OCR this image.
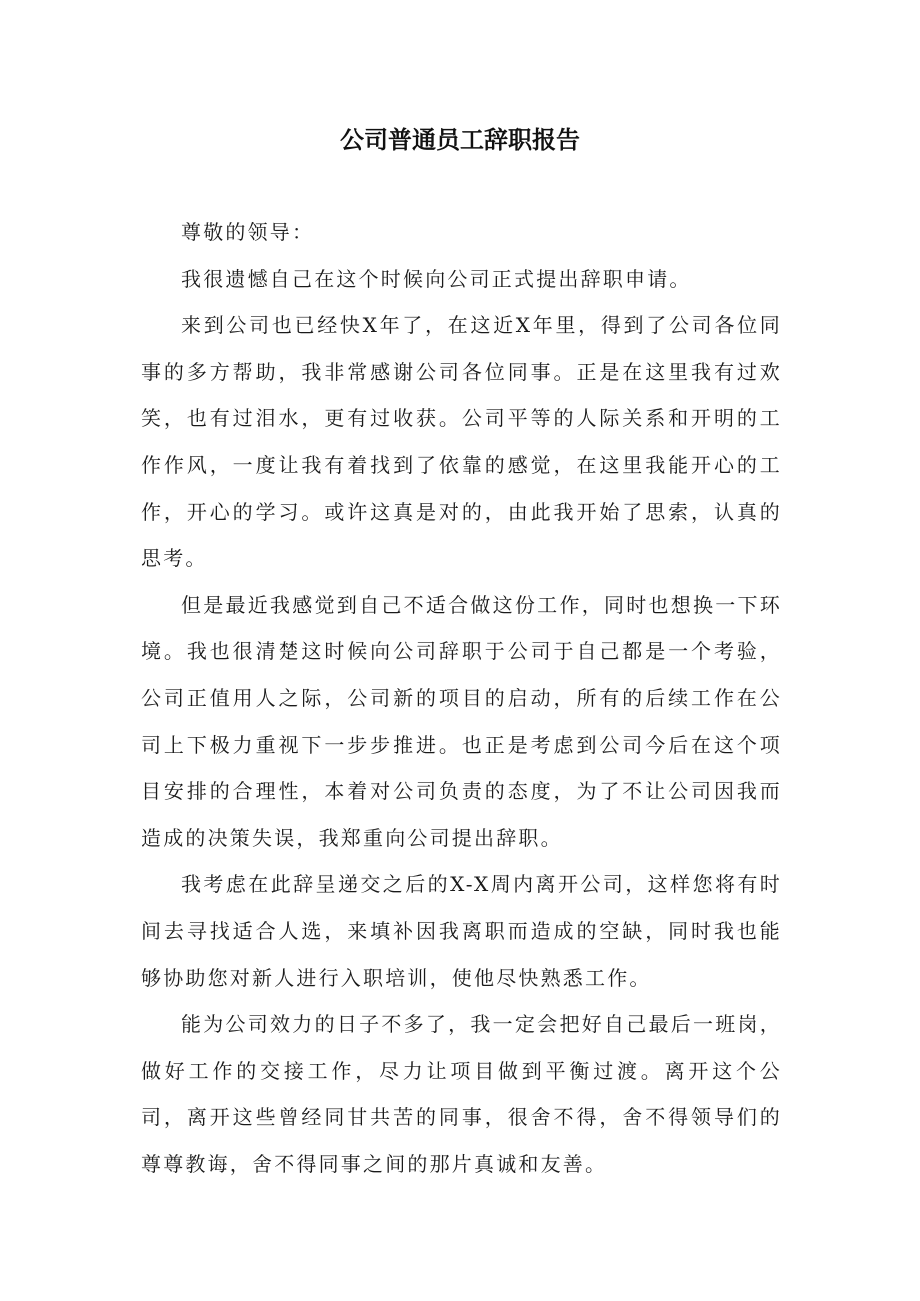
公司普通员工辞职报告

尊敬的领导：

我很遗憾自己在这个时候向公司正式提出辞职申请。

来到公司也已经快X年了，在这近X年里，得到了公司各位同事的多方帮助，我非常感谢公司各位同事。正是在这里我有过欢笑，也有过泪水，更有过收获。公司平等的人际关系和开明的工作作风，一度让我有着找到了依靠的感觉，在这里我能开心的工作，开心的学习。或许这真是对的，由此我开始了思索，认真的思考。

但是最近我感觉到自己不适合做这份工作，同时也想换一下环境。我也很清楚这时候向公司辞职于公司于自己都是一个考验，公司正值用人之际，公司新的项目的启动，所有的后续工作在公司上下极力重视下一步步推进。也正是考虑到公司今后在这个项目安排的合理性，本着对公司负责的态度，为了不让公司因我而造成的决策失误，我郑重向公司提出辞职。

我考虑在此辞呈递交之后的X-X周内离开公司，这样您将有时间去寻找适合人选，来填补因我离职而造成的空缺，同时我也能够协助您对新人进行入职培训，使他尽快熟悉工作。

能为公司效力的日子不多了，我一定会把好自己最后一班岗，做好工作的交接工作，尽力让项目做到平衡过渡。离开这个公司，离开这些曾经同甘共苦的同事，很舍不得，舍不得领导们的尊尊教诲，舍不得同事之间的那片真诚和友善。
